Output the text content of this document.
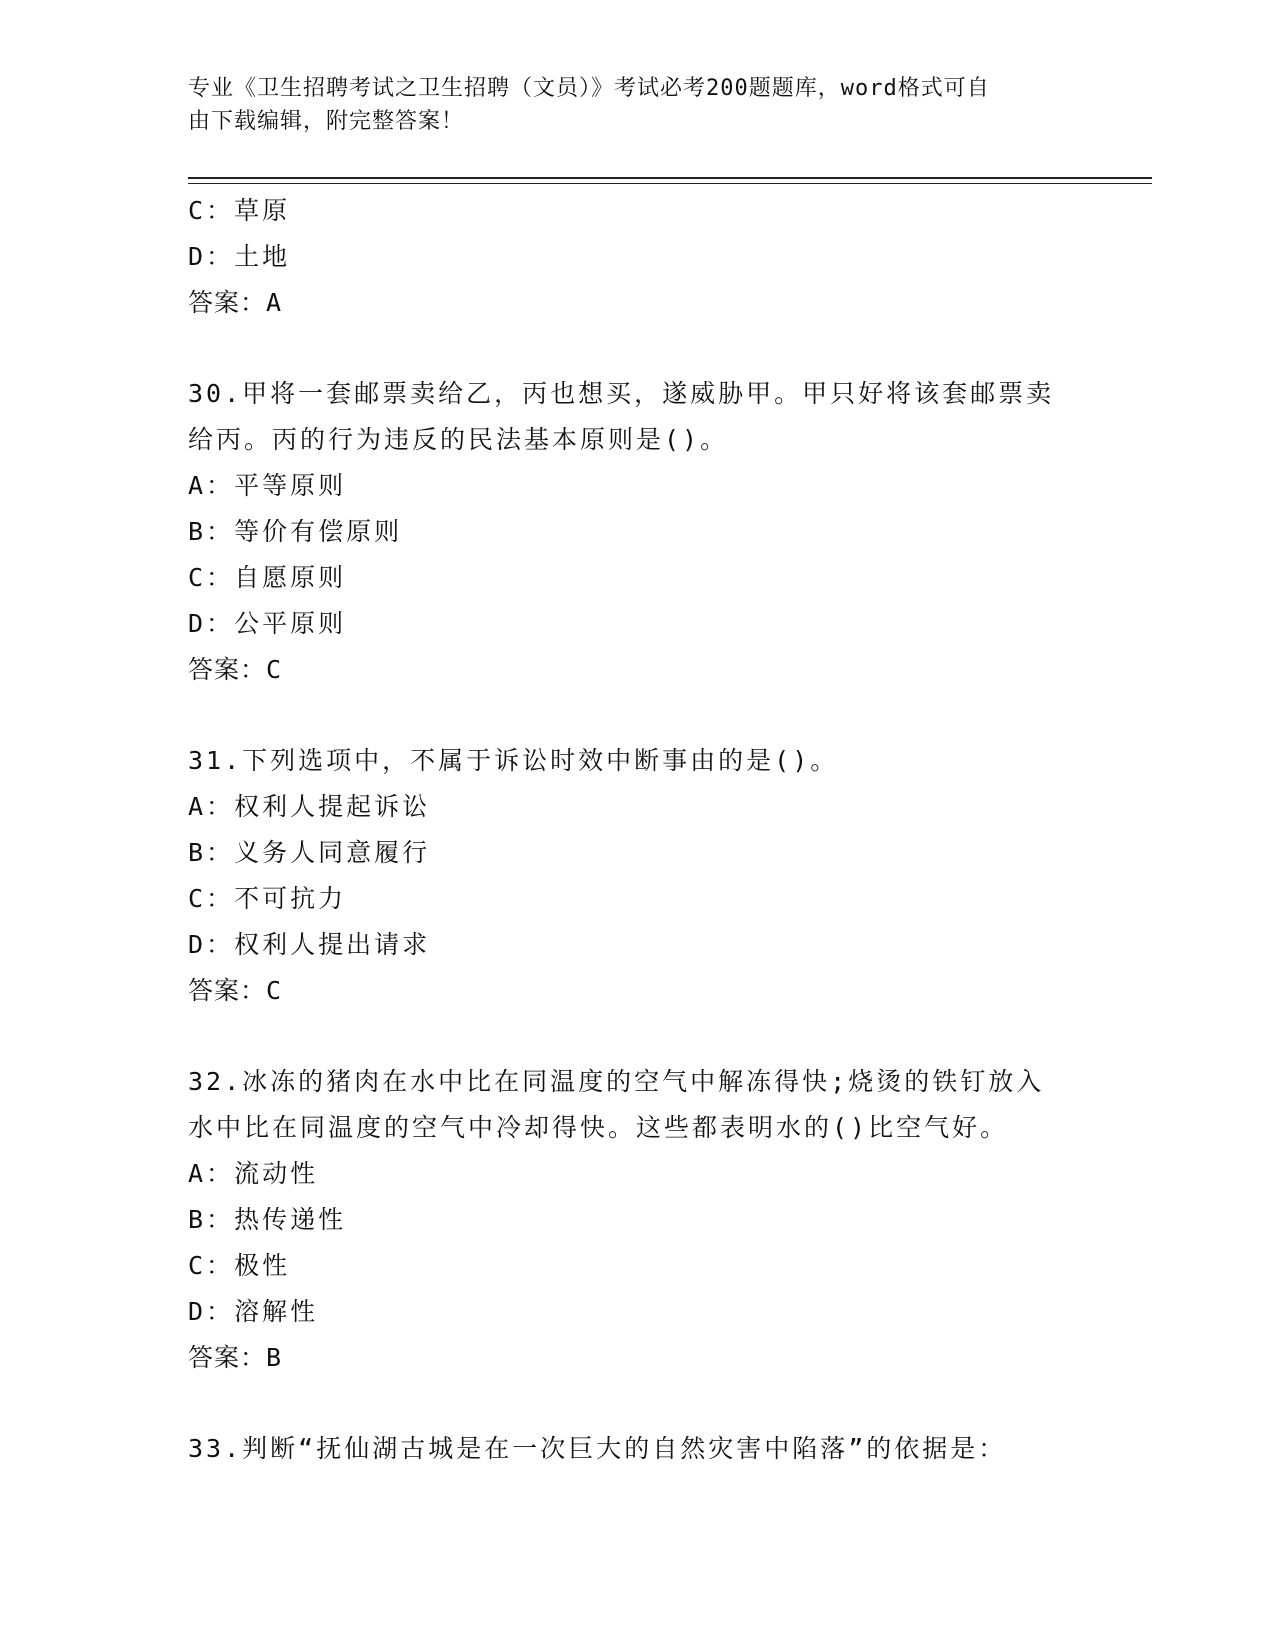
专业《卫生招聘考试之卫生招聘（文员）》考试必考200题题库，word格式可自
由下载编辑，附完整答案！
C：草原
D：土地
答案：A
30.甲将一套邮票卖给乙，丙也想买，遂威胁甲。甲只好将该套邮票卖
给丙。丙的行为违反的民法基本原则是()。
A：平等原则
B：等价有偿原则
C：自愿原则
D：公平原则
答案：C
31.下列选项中，不属于诉讼时效中断事由的是()。
A：权利人提起诉讼
B：义务人同意履行
C：不可抗力
D：权利人提出请求
答案：C
32.冰冻的猪肉在水中比在同温度的空气中解冻得快;烧烫的铁钉放入
水中比在同温度的空气中冷却得快。这些都表明水的()比空气好。
A：流动性
B：热传递性
C：极性
D：溶解性
答案：B
33.判断“抚仙湖古城是在一次巨大的自然灾害中陷落”的依据是：
